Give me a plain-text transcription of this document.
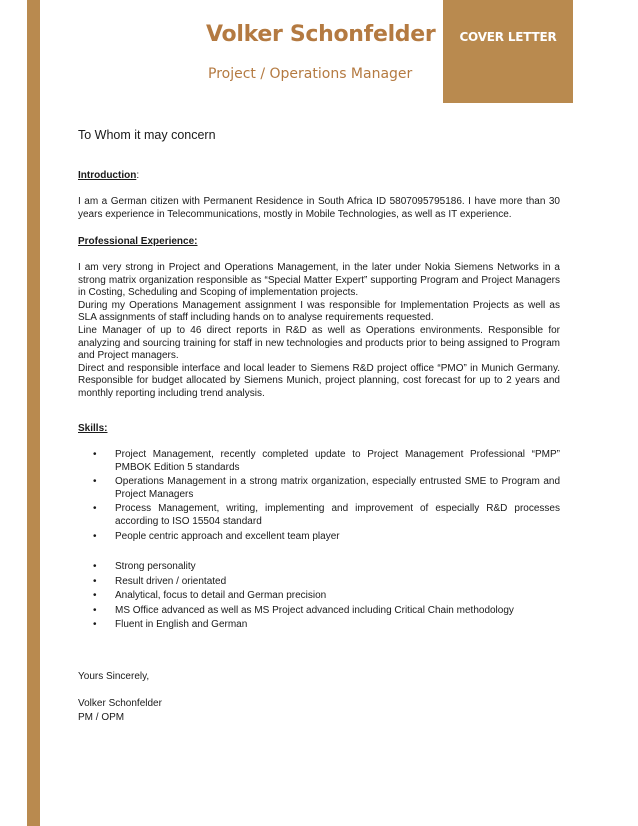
Volker Schonfelder
Project / Operations Manager
COVER LETTER
To Whom it may concern

Introduction:

I am a German citizen with Permanent Residence in South Africa ID 5807095795186. I have more than 30 years experience in Telecommunications, mostly in Mobile Technologies, as well as IT experience.

Professional Experience:

I am very strong in Project and Operations Management, in the later under Nokia Siemens Networks in a strong matrix organization responsible as “Special Matter Expert” supporting Program and Project Managers in Costing, Scheduling and Scoping of implementation projects.

During my Operations Management assignment I was responsible for Implementation Projects as well as SLA assignments of staff including hands on to analyse requirements requested.

Line Manager of up to 46 direct reports in R&D as well as Operations environments. Responsible for analyzing and sourcing training for staff in new technologies and products prior to being assigned to Program and Project managers.

Direct and responsible interface and local leader to Siemens R&D project office “PMO” in Munich Germany. Responsible for budget allocated by Siemens Munich, project planning, cost forecast for up to 2 years and monthly reporting including trend analysis.

Skills:

• Project Management, recently completed update to Project Management Professional “PMP” PMBOK Edition 5 standards
• Operations Management in a strong matrix organization, especially entrusted SME to Program and Project Managers
• Process Management, writing, implementing and improvement of especially R&D processes according to ISO 15504 standard
• People centric approach and excellent team player
• Strong personality
• Result driven / orientated
• Analytical, focus to detail and German precision
• MS Office advanced as well as MS Project advanced including Critical Chain methodology
• Fluent in English and German
Yours Sincerely,
Volker Schonfelder
PM / OPM
